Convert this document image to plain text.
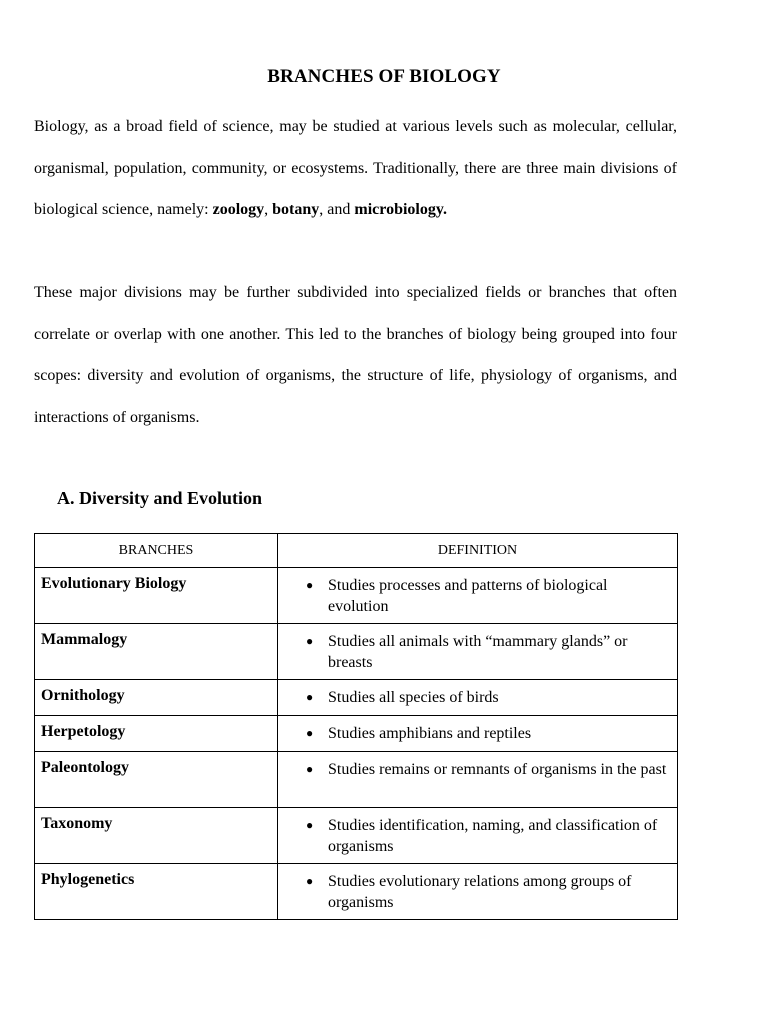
BRANCHES OF BIOLOGY

Biology, as a broad field of science, may be studied at various levels such as molecular, cellular, organismal, population, community, or ecosystems. Traditionally, there are three main divisions of biological science, namely: zoology, botany, and microbiology.

These major divisions may be further subdivided into specialized fields or branches that often correlate or overlap with one another. This led to the branches of biology being grouped into four scopes: diversity and evolution of organisms, the structure of life, physiology of organisms, and interactions of organisms.

A. Diversity and Evolution
BRANCHES	DEFINITION
Evolutionary Biology	● Studies processes and patterns of biological evolution

Mammalogy	● Studies all animals with “mammary glands” or breasts

Ornithology	● Studies all species of birds

Herpetology	● Studies amphibians and reptiles

Paleontology	● Studies remains or remnants of organisms in the past

Taxonomy	● Studies identification, naming, and classification of organisms

Phylogenetics	● Studies evolutionary relations among groups of organisms
